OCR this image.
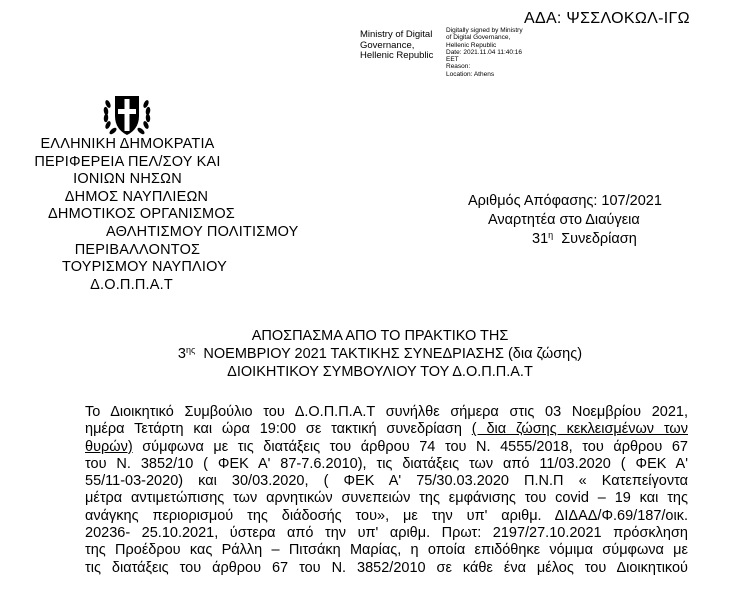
ΑΔΑ: ΨΣΣΛΟΚΩΛ-ΙΓΩ
Ministry of Digital
Governance,
Hellenic Republic
Digitally signed by Ministry
of Digital Governance,
Hellenic Republic
Date: 2021.11.04 11:40:16
EET
Reason:
Location: Athens
ΕΛΛΗΝΙΚΗ ΔΗΜΟΚΡΑΤΙΑ
ΠΕΡΙΦΕΡΕΙΑ ΠΕΛ/ΣΟΥ ΚΑΙ
ΙΟΝΙΩΝ ΝΗΣΩΝ
ΔΗΜΟΣ ΝΑΥΠΛΙΕΩΝ
ΔΗΜΟΤΙΚΟΣ ΟΡΓΑΝΙΣΜΟΣ
ΑΘΛΗΤΙΣΜΟΥ ΠΟΛΙΤΙΣΜΟΥ
ΠΕΡΙΒΑΛΛΟΝΤΟΣ
ΤΟΥΡΙΣΜΟΥ ΝΑΥΠΛΙΟΥ
Δ.Ο.Π.Π.Α.Τ
Αριθμός Απόφασης: 107/2021
Αναρτητέα στο Διαύγεια
$31^\eta$ Συνεδρίαση
ΑΠΟΣΠΑΣΜΑ ΑΠΟ ΤΟ ΠΡΑΚΤΙΚΟ ΤΗΣ
$3^{\eta\varsigma}$ ΝΟΕΜΒΡΙΟΥ 2021 ΤΑΚΤΙΚΗΣ ΣΥΝΕΔΡΙΑΣΗΣ (δια ζώσης)
ΔΙΟΙΚΗΤΙΚΟΥ ΣΥΜΒΟΥΛΙΟΥ ΤΟΥ Δ.Ο.Π.Π.Α.Τ
Το Διοικητικό Συμβούλιο του Δ.Ο.Π.Π.Α.Τ συνήλθε σήμερα στις 03 Νοεμβρίου 2021,
ημέρα Τετάρτη και ώρα 19:00 σε τακτική συνεδρίαση ( δια ζώσης κεκλεισμένων των
θυρών) σύμφωνα με τις διατάξεις του άρθρου 74 του Ν. 4555/2018, του άρθρου 67
του Ν. 3852/10 ( ΦΕΚ Α' 87-7.6.2010), τις διατάξεις των από 11/03.2020 ( ΦΕΚ Α'
55/11-03-2020) και 30/03.2020, ( ΦΕΚ Α' 75/30.03.2020 Π.Ν.Π « Κατεπείγοντα
μέτρα αντιμετώπισης των αρνητικών συνεπειών της εμφάνισης του covid – 19 και της
ανάγκης περιορισμού της διάδοσής του», με την υπ' αριθμ. ΔΙΔΑΔ/Φ.69/187/οικ.
20236- 25.10.2021, ύστερα από την υπ' αριθμ. Πρωτ: 2197/27.10.2021 πρόσκληση
της Προέδρου κας Ράλλη – Πιτσάκη Μαρίας, η οποία επιδόθηκε νόμιμα σύμφωνα με
τις διατάξεις του άρθρου 67 του Ν. 3852/2010 σε κάθε ένα μέλος του Διοικητικού
